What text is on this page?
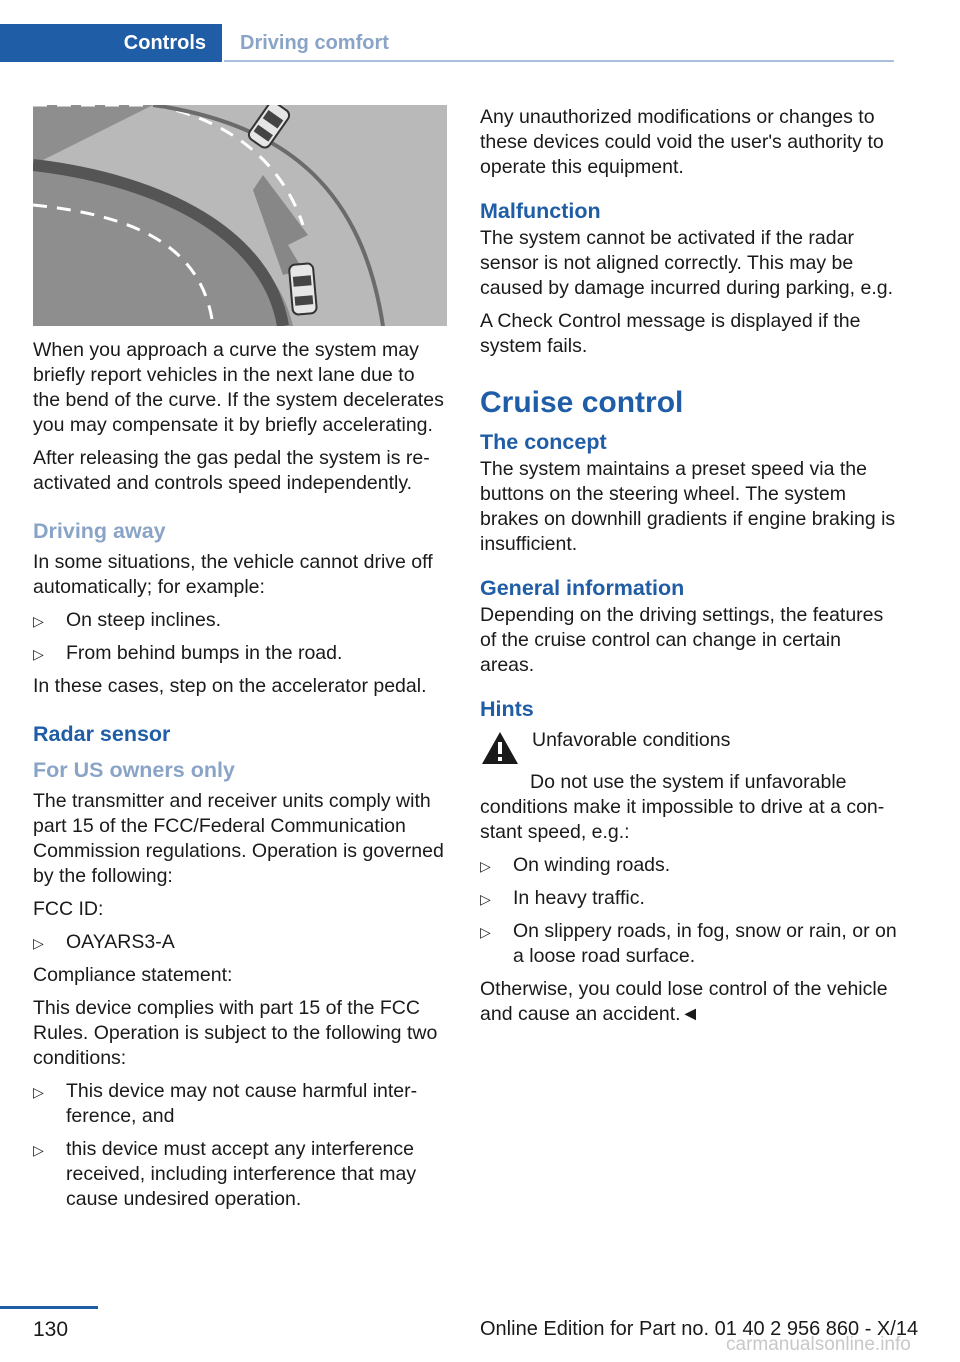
Controls	Driving comfort

When you approach a curve the system may briefly report vehicles in the next lane due to the bend of the curve. If the system decelerates you may compensate it by briefly accelerating.

After releasing the gas pedal the system is reactivated and controls speed independently.

Driving away

In some situations, the vehicle cannot drive off automatically; for example:

▷ On steep inclines.
▷ From behind bumps in the road.

In these cases, step on the accelerator pedal.

Radar sensor
For US owners only

The transmitter and receiver units comply with part 15 of the FCC/Federal Communication Commission regulations. Operation is governed by the following:

FCC ID:

▷ OAYARS3-A

Compliance statement:

This device complies with part 15 of the FCC Rules. Operation is subject to the following two conditions:

▷ This device may not cause harmful interference, and
▷ this device must accept any interference received, including interference that may cause undesired operation.

Any unauthorized modifications or changes to these devices could void the user's authority to operate this equipment.

Malfunction

The system cannot be activated if the radar sensor is not aligned correctly. This may be caused by damage incurred during parking, e.g.

A Check Control message is displayed if the system fails.

Cruise control
The concept

The system maintains a preset speed via the buttons on the steering wheel. The system brakes on downhill gradients if engine braking is insufficient.

General information

Depending on the driving settings, the features of the cruise control can change in certain areas.

Hints
Unfavorable conditions

Do not use the system if unfavorable conditions make it impossible to drive at a constant speed, e.g.:

▷ On winding roads.
▷ In heavy traffic.
▷ On slippery roads, in fog, snow or rain, or on a loose road surface.

Otherwise, you could lose control of the vehicle and cause an accident.◄

130	Online Edition for Part no. 01 40 2 956 860 - X/14
carmanualsonline.info
